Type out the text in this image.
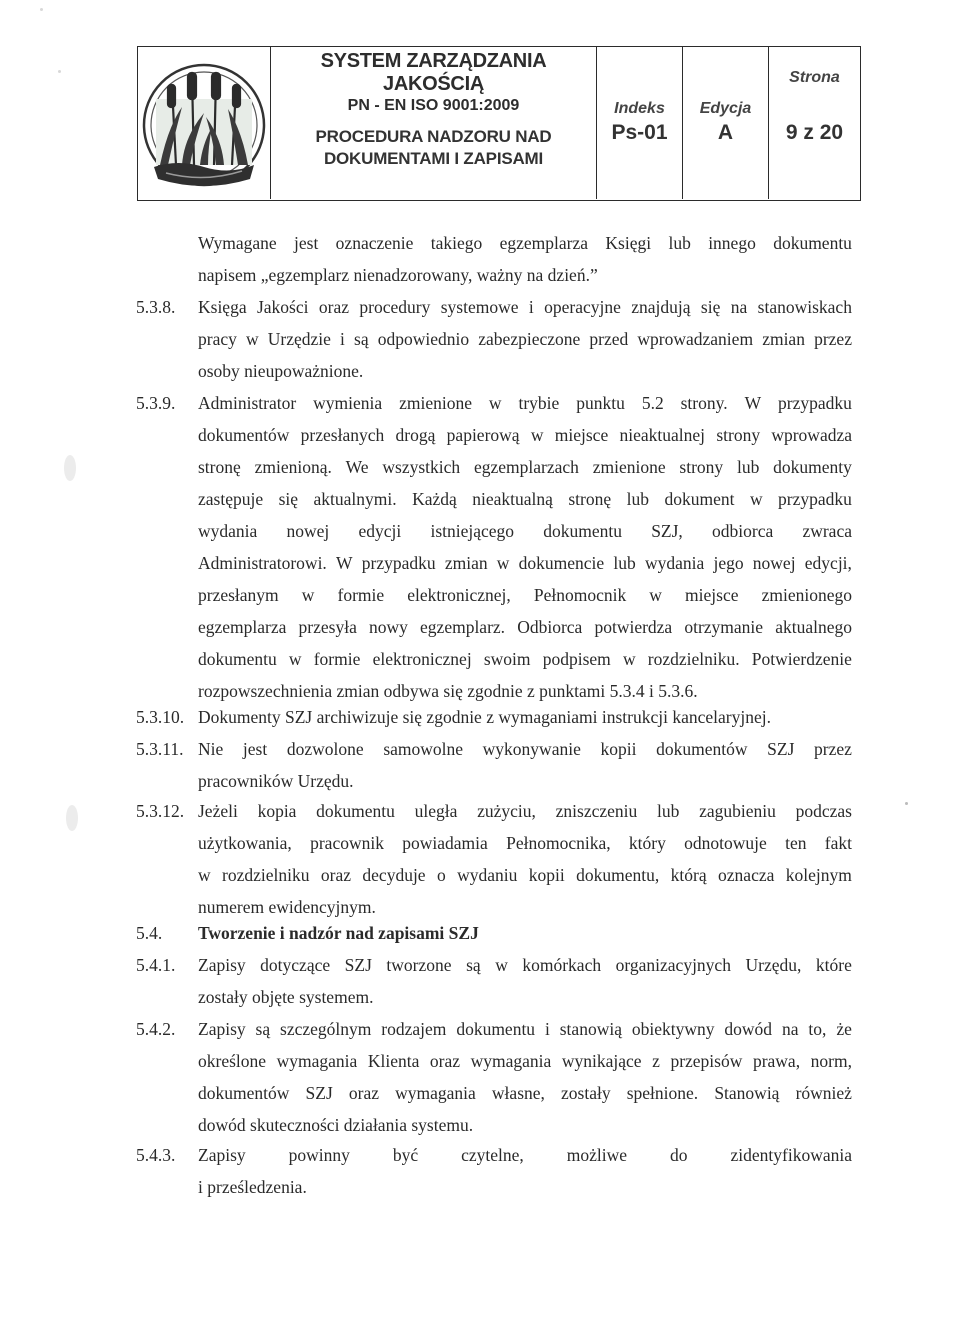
SYSTEM ZARZĄDZANIA JAKOŚCIĄ
PN - EN ISO 9001:2009
PROCEDURA NADZORU NAD
DOKUMENTAMI I ZAPISAMI
Indeks
Ps-01
Edycja
A
Strona
9 z 20
Wymagane jest oznaczenie takiego egzemplarza Księgi lub innego dokumentu
napisem „egzemplarz nienadzorowany, ważny na dzień.”
5.3.8. Księga Jakości oraz procedury systemowe i operacyjne znajdują się na stanowiskach
pracy w Urzędzie i są odpowiednio zabezpieczone przed wprowadzaniem zmian przez
osoby nieupoważnione.
5.3.9. Administrator wymienia zmienione w trybie punktu 5.2 strony. W przypadku
dokumentów przesłanych drogą papierową w miejsce nieaktualnej strony wprowadza
stronę zmienioną. We wszystkich egzemplarzach zmienione strony lub dokumenty
zastępuje się aktualnymi. Każdą nieaktualną stronę lub dokument w przypadku
wydania nowej edycji istniejącego dokumentu SZJ, odbiorca zwraca
Administratorowi. W przypadku zmian w dokumencie lub wydania jego nowej edycji,
przesłanym w formie elektronicznej, Pełnomocnik w miejsce zmienionego
egzemplarza przesyła nowy egzemplarz. Odbiorca potwierdza otrzymanie aktualnego
dokumentu w formie elektronicznej swoim podpisem w rozdzielniku. Potwierdzenie
rozpowszechnienia zmian odbywa się zgodnie z punktami 5.3.4 i 5.3.6.
5.3.10. Dokumenty SZJ archiwizuje się zgodnie z wymaganiami instrukcji kancelaryjnej.
5.3.11. Nie jest dozwolone samowolne wykonywanie kopii dokumentów SZJ przez
pracowników Urzędu.
5.3.12. Jeżeli kopia dokumentu uległa zużyciu, zniszczeniu lub zagubieniu podczas
użytkowania, pracownik powiadamia Pełnomocnika, który odnotowuje ten fakt
w rozdzielniku oraz decyduje o wydaniu kopii dokumentu, którą oznacza kolejnym
numerem ewidencyjnym.
5.4. Tworzenie i nadzór nad zapisami SZJ
5.4.1. Zapisy dotyczące SZJ tworzone są w komórkach organizacyjnych Urzędu, które
zostały objęte systemem.
5.4.2. Zapisy są szczególnym rodzajem dokumentu i stanowią obiektywny dowód na to, że
określone wymagania Klienta oraz wymagania wynikające z przepisów prawa, norm,
dokumentów SZJ oraz wymagania własne, zostały spełnione. Stanowią również
dowód skuteczności działania systemu.
5.4.3. Zapisy powinny być czytelne, możliwe do zidentyfikowania
i prześledzenia.
